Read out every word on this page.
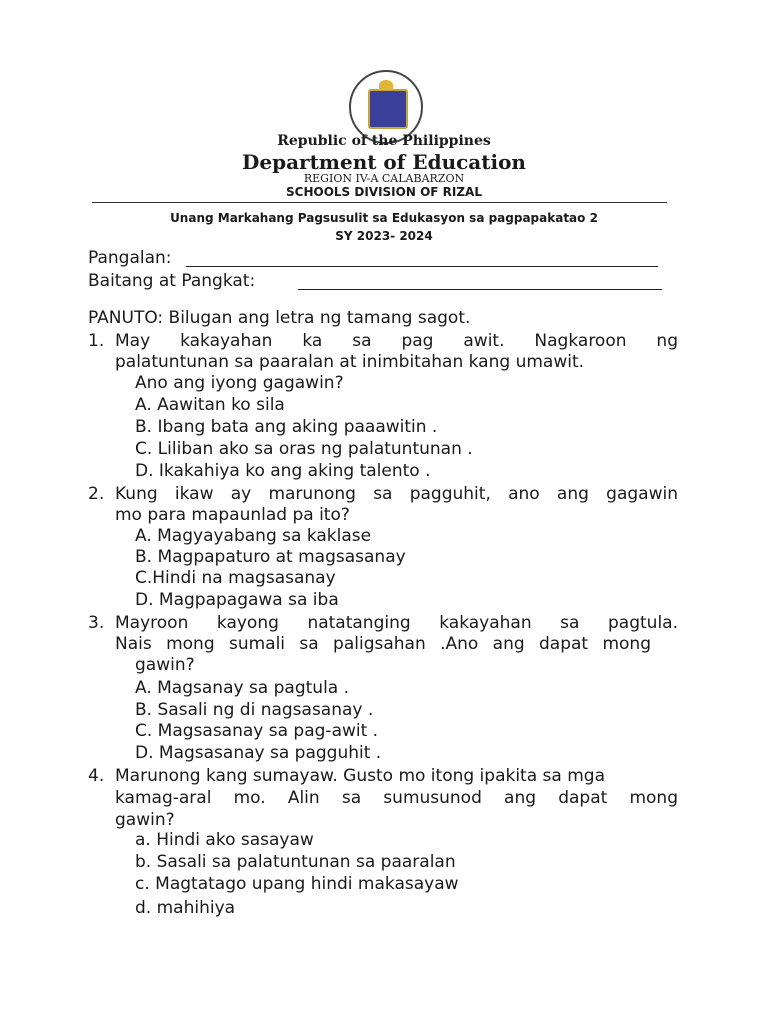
Republic of the Philippines
Department of Education
REGION IV-A CALABARZON
SCHOOLS DIVISION OF RIZAL
Unang Markahang Pagsusulit sa Edukasyon sa pagpapakatao 2
SY 2023- 2024
Pangalan:
Baitang at Pangkat:
PANUTO: Bilugan ang letra ng tamang sagot.
1. May kakayahan ka sa pag awit. Nagkaroon ng
palatuntunan sa paaralan at inimbitahan kang umawit.
Ano ang iyong gagawin?
A. Aawitan ko sila
B. Ibang bata ang aking paaawitin .
C. Liliban ako sa oras ng palatuntunan .
D. Ikakahiya ko ang aking talento .
2. Kung ikaw ay marunong sa pagguhit, ano ang gagawin
mo para mapaunlad pa ito?
A. Magyayabang sa kaklase
B. Magpapaturo at magsasanay
C.Hindi na magsasanay
D. Magpapagawa sa iba
3. Mayroon kayong natatanging kakayahan sa pagtula.
Nais mong sumali sa paligsahan .Ano ang dapat mong
gawin?
A. Magsanay sa pagtula .
B. Sasali ng di nagsasanay .
C. Magsasanay sa pag-awit .
D. Magsasanay sa pagguhit .
4. Marunong kang sumayaw. Gusto mo itong ipakita sa mga
kamag-aral mo. Alin sa sumusunod ang dapat mong
gawin?
a. Hindi ako sasayaw
b. Sasali sa palatuntunan sa paaralan
c. Magtatago upang hindi makasayaw
d. mahihiya
